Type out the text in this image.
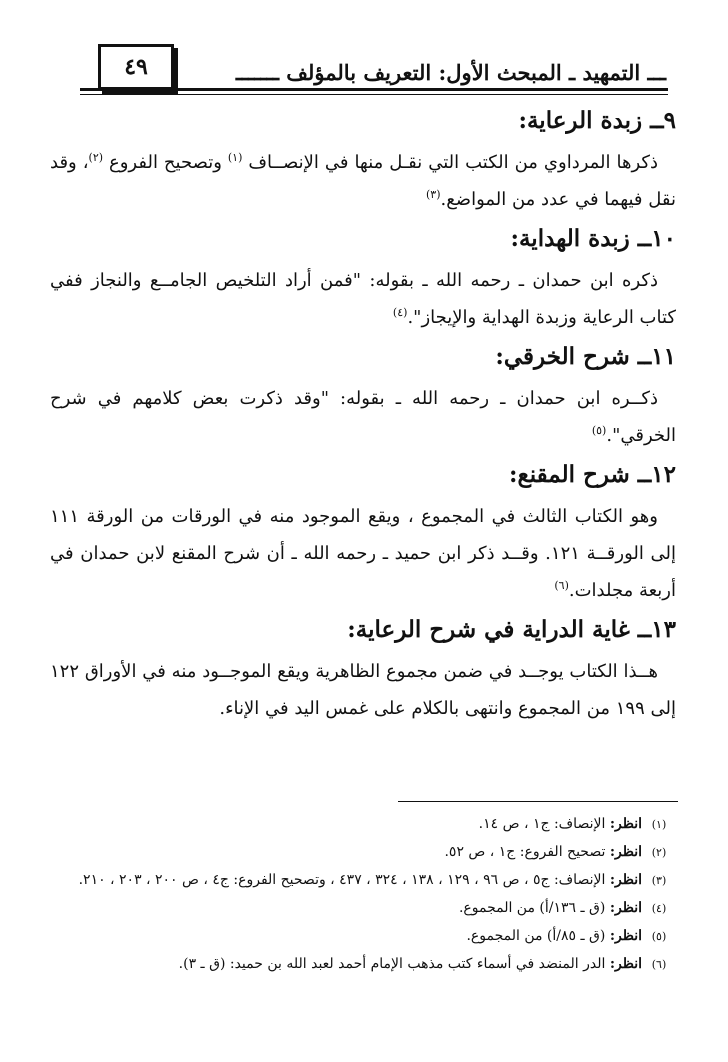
٤٩	ـــ التمهيد ـ المبحث الأول: التعريف بالمؤلف ـــــــ
٩ــ زبدة الرعاية:

ذكرها المرداوي من الكتب التي نقـل منها في الإنصــاف $^{(١)}$ وتصحيح الفروع $^{(٢)}$، وقد نقل فيهما في عدد من المواضع.$^{(٣)}$

١٠ــ زبدة الهداية:

ذكره ابن حمدان ـ رحمه الله ـ بقوله: "فمن أراد التلخيص الجامــع والنجاز ففي كتاب الرعاية وزبدة الهداية والإيجاز".$^{(٤)}$

١١ــ شرح الخرقي:

ذكــره ابن حمدان ـ رحمه الله ـ بقوله: "وقد ذكرت بعض كلامهم في شرح الخرقي".$^{(٥)}$

١٢ــ شرح المقنع:

وهو الكتاب الثالث في المجموع ، ويقع الموجود منه في الورقات من الورقة ١١١ إلى الورقــة ١٢١. وقــد ذكر ابن حميد ـ رحمه الله ـ أن شرح المقنع لابن حمدان في أربعة مجلدات.$^{(٦)}$

١٣ــ غاية الدراية في شرح الرعاية:

هــذا الكتاب يوجــد في ضمن مجموع الظاهرية ويقع الموجــود منه في الأوراق ١٢٢ إلى ١٩٩ من المجموع وانتهى بالكلام على غمس اليد في الإناء.

(١)
انظر: الإنصاف: ج١ ، ص ١٤.
(٢)
انظر: تصحيح الفروع: ج١ ، ص ٥٢.
(٣)
انظر: الإنصاف: ج٥ ، ص ٩٦ ، ١٢٩ ، ١٣٨ ، ٣٢٤ ، ٤٣٧ ، وتصحيح الفروع: ج٤ ، ص ٢٠٠ ، ٢٠٣ ، ٢١٠.
(٤)
انظر: (ق ـ ١٣٦/أ) من المجموع.
(٥)
انظر: (ق ـ ٨٥/أ) من المجموع.
(٦)
انظر: الدر المنضد في أسماء كتب مذهب الإمام أحمد لعبد الله بن حميد: (ق ـ ٣).
